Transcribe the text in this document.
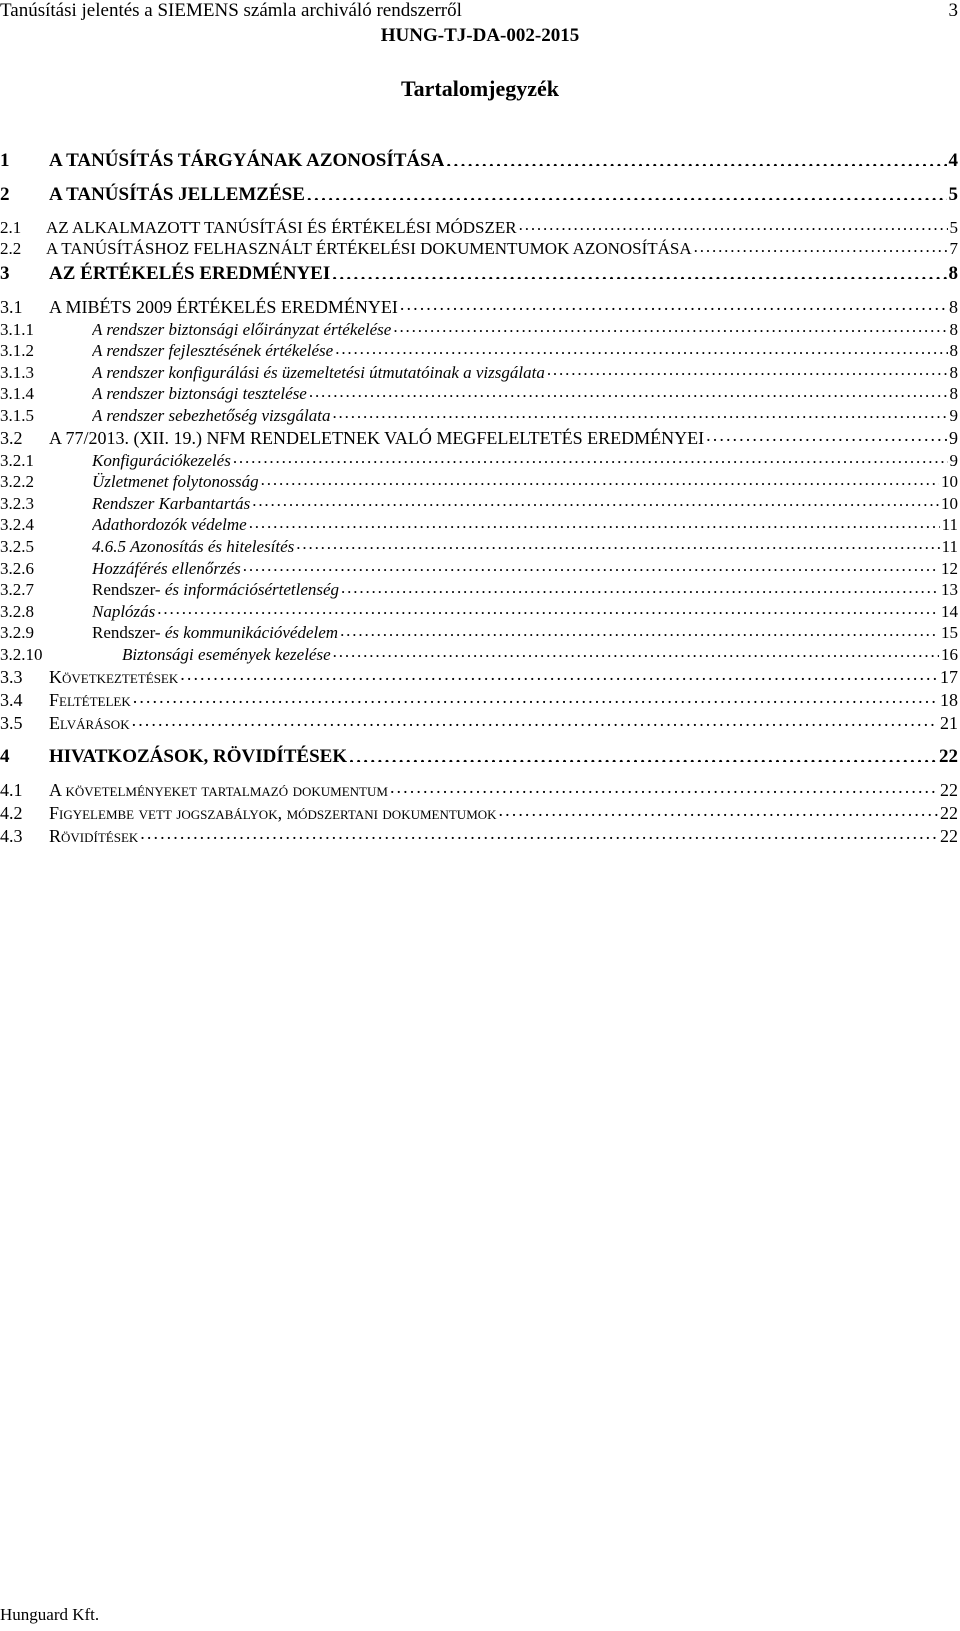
Tanúsítási jelentés a SIEMENS számla archiváló rendszerről	3
HUNG-TJ-DA-002-2015
Tartalomjegyzék
1	A TANÚSÍTÁS TÁRGYÁNAK AZONOSÍTÁSA . . .	4
2	A TANÚSÍTÁS JELLEMZÉSE . . .	5
2.1	AZ ALKALMAZOTT TANÚSÍTÁSI ÉS ÉRTÉKELÉSI MÓDSZER . . .	5
2.2	A TANÚSÍTÁSHOZ FELHASZNÁLT ÉRTÉKELÉSI DOKUMENTUMOK AZONOSÍTÁSA . . .	7
3	AZ ÉRTÉKELÉS EREDMÉNYEI . . .	8
3.1	A MIBÉTS 2009 ÉRTÉKELÉS EREDMÉNYEI . . .	8
3.1.1	A rendszer biztonsági előirányzat értékelése . . .	8
3.1.2	A rendszer fejlesztésének értékelése . . .	8
3.1.3	A rendszer konfigurálási és üzemeltetési útmutatóinak a vizsgálata . . .	8
3.1.4	A rendszer biztonsági tesztelése . . .	8
3.1.5	A rendszer sebezhetőség vizsgálata . . .	9
3.2	A 77/2013. (XII. 19.) NFM RENDELETNEK VALÓ MEGFELELTETÉS EREDMÉNYEI . . .	9
3.2.1	Konfigurációkezelés . . .	9
3.2.2	Üzletmenet folytonosság . . .	10
3.2.3	Rendszer Karbantartás . . .	10
3.2.4	Adathordozók védelme . . .	11
3.2.5	4.6.5 Azonosítás és hitelesítés . . .	11
3.2.6	Hozzáférés ellenőrzés . . .	12
3.2.7	Rendszer- és információsértetlenség . . .	13
3.2.8	Naplózás . . .	14
3.2.9	Rendszer- és kommunikációvédelem . . .	15
3.2.10	Biztonsági események kezelése . . .	16
3.3	Következtetések . . .	17
3.4	Feltételek . . .	18
3.5	Elvárások . . .	21
4	HIVATKOZÁSOK, RÖVIDÍTÉSEK . . .	22
4.1	A követelményeket tartalmazó dokumentum . . .	22
4.2	Figyelembe vett jogszabályok, módszertani dokumentumok . . .	22
4.3	Rövidítések . . .	22
Hunguard Kft.
